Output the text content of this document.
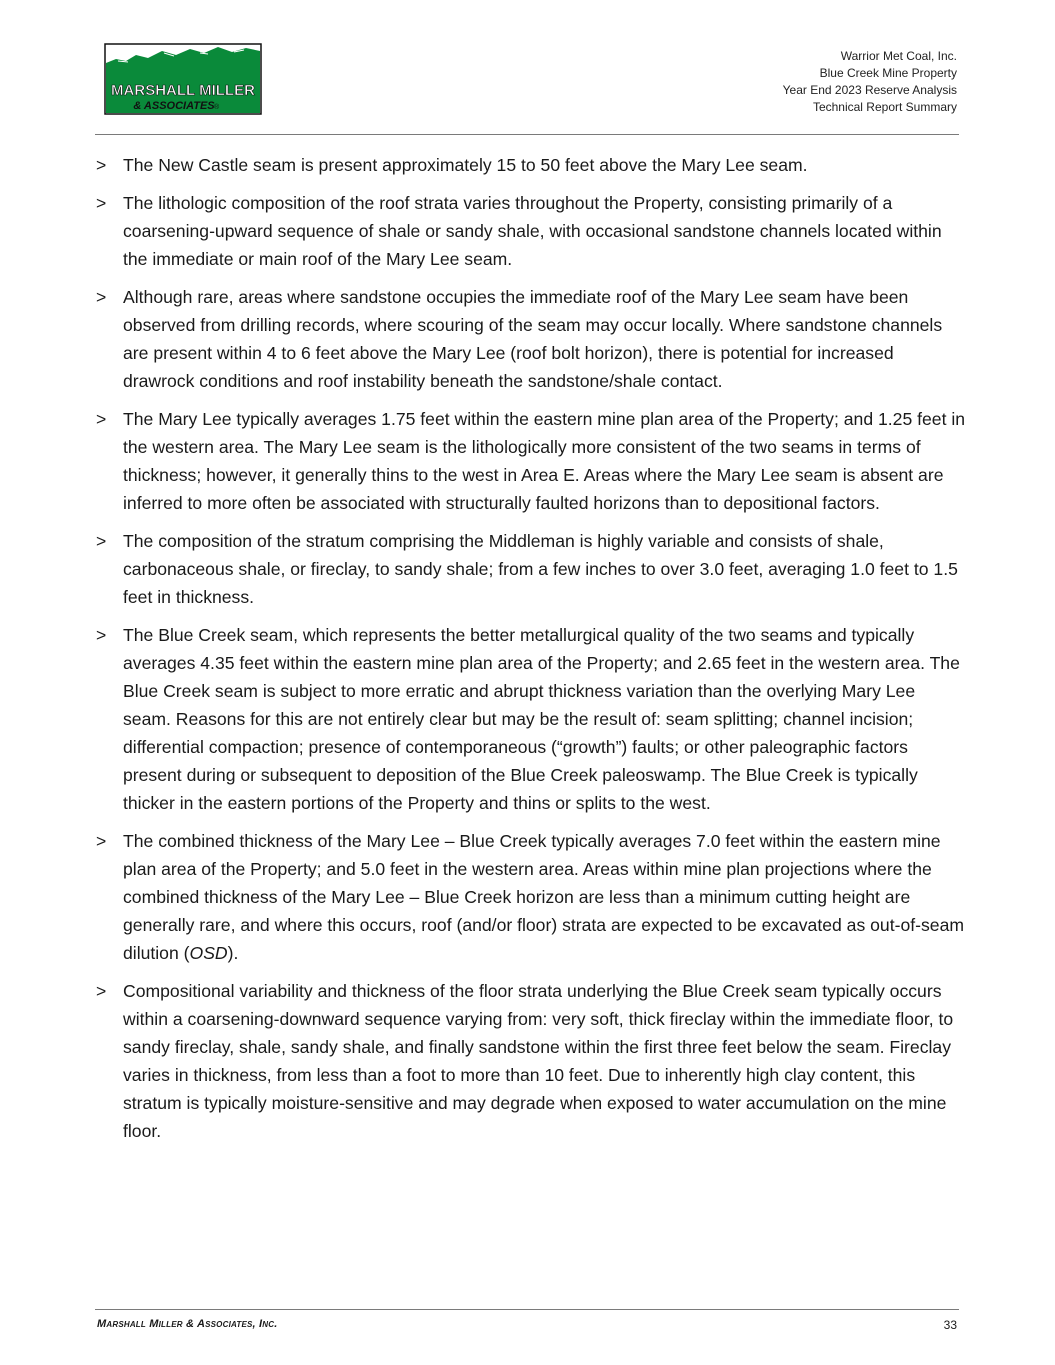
MARSHALL MILLER
& ASSOCIATES ®
Warrior Met Coal, Inc.
Blue Creek Mine Property
Year End 2023 Reserve Analysis
Technical Report Summary
> The New Castle seam is present approximately 15 to 50 feet above the Mary Lee seam.
> The lithologic composition of the roof strata varies throughout the Property, consisting primarily of a coarsening-upward sequence of shale or sandy shale, with occasional sandstone channels located within the immediate or main roof of the Mary Lee seam.
> Although rare, areas where sandstone occupies the immediate roof of the Mary Lee seam have been observed from drilling records, where scouring of the seam may occur locally. Where sandstone channels are present within 4 to 6 feet above the Mary Lee (roof bolt horizon), there is potential for increased drawrock conditions and roof instability beneath the sandstone/shale contact.
> The Mary Lee typically averages 1.75 feet within the eastern mine plan area of the Property; and 1.25 feet in the western area. The Mary Lee seam is the lithologically more consistent of the two seams in terms of thickness; however, it generally thins to the west in Area E. Areas where the Mary Lee seam is absent are inferred to more often be associated with structurally faulted horizons than to depositional factors.
> The composition of the stratum comprising the Middleman is highly variable and consists of shale, carbonaceous shale, or fireclay, to sandy shale; from a few inches to over 3.0 feet, averaging 1.0 feet to 1.5 feet in thickness.
> The Blue Creek seam, which represents the better metallurgical quality of the two seams and typically averages 4.35 feet within the eastern mine plan area of the Property; and 2.65 feet in the western area. The Blue Creek seam is subject to more erratic and abrupt thickness variation than the overlying Mary Lee seam. Reasons for this are not entirely clear but may be the result of: seam splitting; channel incision; differential compaction; presence of contemporaneous (“growth”) faults; or other paleographic factors present during or subsequent to deposition of the Blue Creek paleoswamp. The Blue Creek is typically thicker in the eastern portions of the Property and thins or splits to the west.
> The combined thickness of the Mary Lee – Blue Creek typically averages 7.0 feet within the eastern mine plan area of the Property; and 5.0 feet in the western area. Areas within mine plan projections where the combined thickness of the Mary Lee – Blue Creek horizon are less than a minimum cutting height are generally rare, and where this occurs, roof (and/or floor) strata are expected to be excavated as out-of-seam dilution (OSD).
> Compositional variability and thickness of the floor strata underlying the Blue Creek seam typically occurs within a coarsening-downward sequence varying from: very soft, thick fireclay within the immediate floor, to sandy fireclay, shale, sandy shale, and finally sandstone within the first three feet below the seam. Fireclay varies in thickness, from less than a foot to more than 10 feet. Due to inherently high clay content, this stratum is typically moisture-sensitive and may degrade when exposed to water accumulation on the mine floor.
Marshall Miller & Associates, Inc.	33
